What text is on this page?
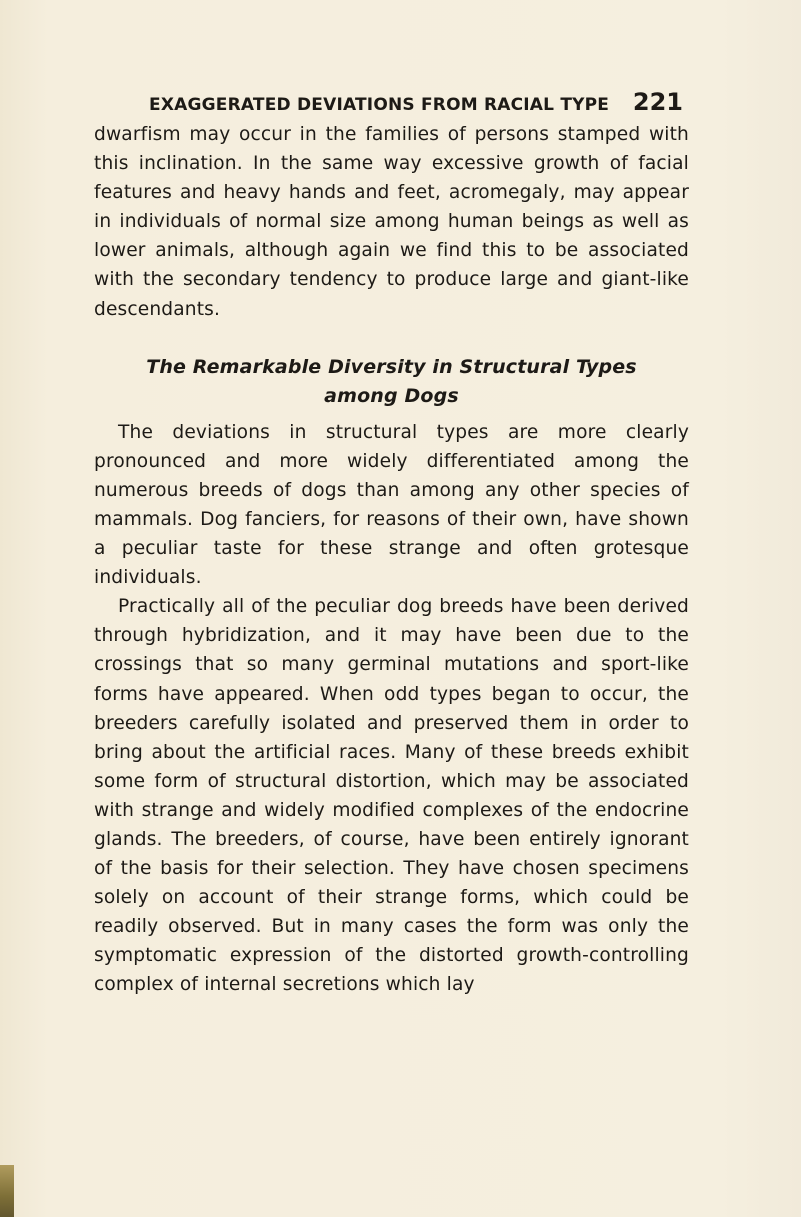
EXAGGERATED DEVIATIONS FROM RACIAL TYPE 221

dwarfism may occur in the families of persons stamped with this inclination. In the same way excessive growth of facial features and heavy hands and feet, acromegaly, may appear in individuals of normal size among human beings as well as lower animals, although again we find this to be associated with the secondary tendency to produce large and giant-like descendants.

The Remarkable Diversity in Structural Types
among Dogs

The deviations in structural types are more clearly pronounced and more widely differentiated among the numerous breeds of dogs than among any other species of mammals. Dog fanciers, for reasons of their own, have shown a peculiar taste for these strange and often grotesque individuals.

Practically all of the peculiar dog breeds have been derived through hybridization, and it may have been due to the crossings that so many germinal mutations and sport-like forms have appeared. When odd types began to occur, the breeders carefully isolated and preserved them in order to bring about the artificial races. Many of these breeds exhibit some form of structural distortion, which may be associated with strange and widely modified complexes of the endocrine glands. The breeders, of course, have been entirely ignorant of the basis for their selection. They have chosen specimens solely on account of their strange forms, which could be readily observed. But in many cases the form was only the symptomatic expression of the distorted growth-controlling complex of internal secretions which lay
